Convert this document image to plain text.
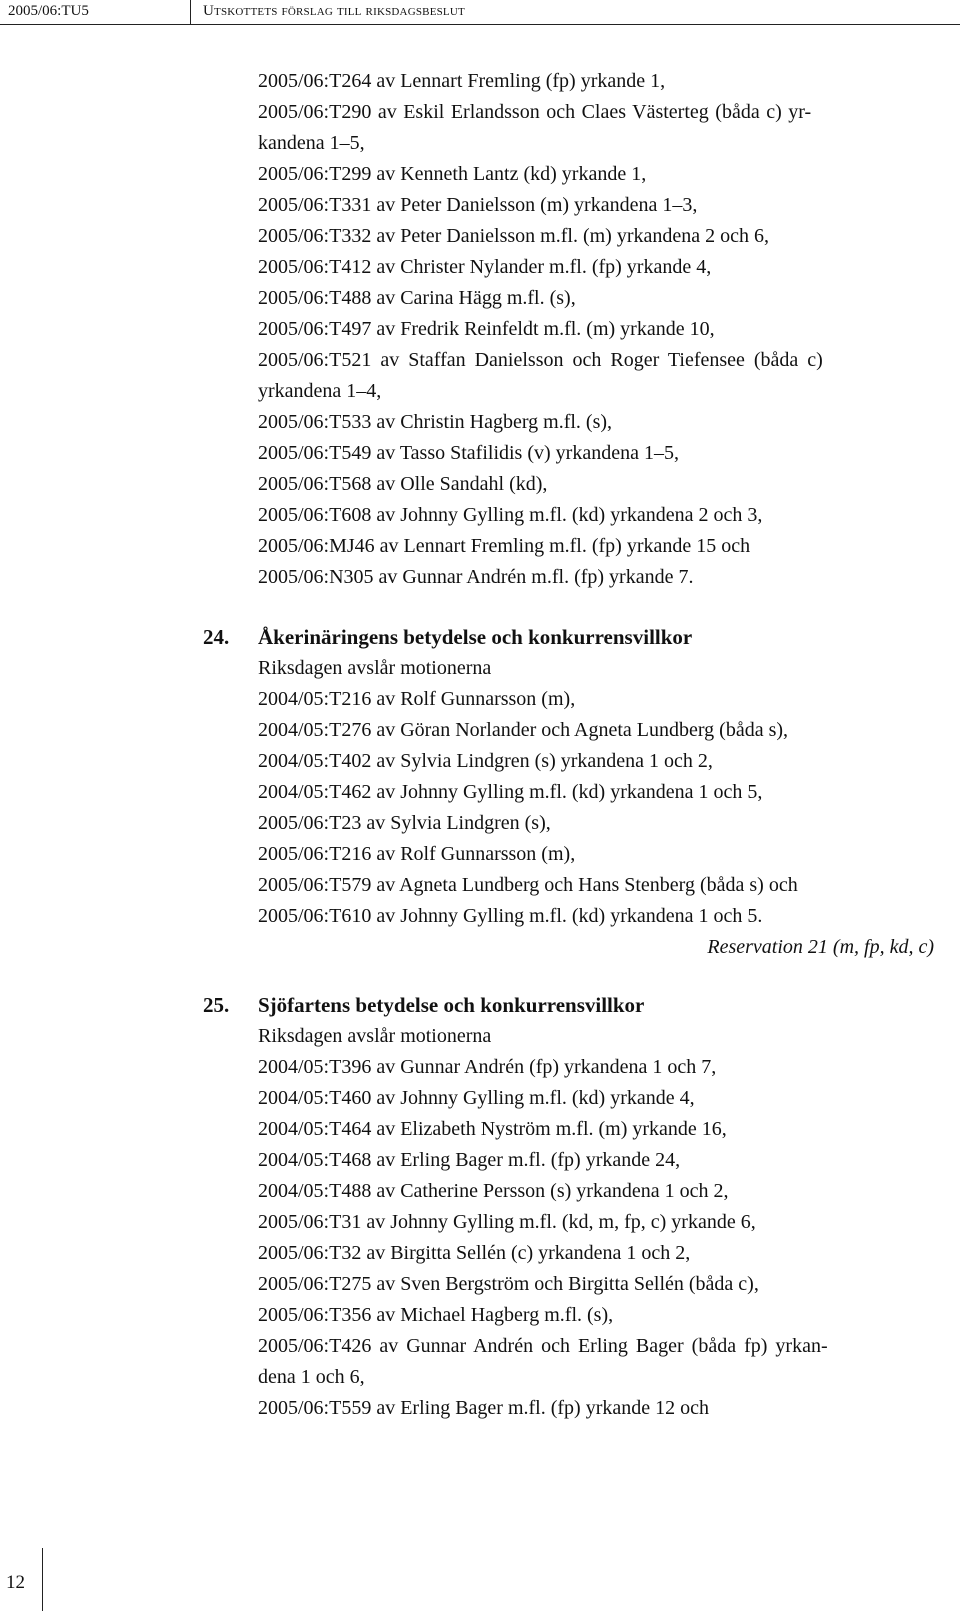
2005/06:TU5	Utskottets förslag till riksdagsbeslut
2005/06:T264 av Lennart Fremling (fp) yrkande 1,
2005/06:T290 av Eskil Erlandsson och Claes Västerteg (båda c) yr-
kandena 1–5,
2005/06:T299 av Kenneth Lantz (kd) yrkande 1,
2005/06:T331 av Peter Danielsson (m) yrkandena 1–3,
2005/06:T332 av Peter Danielsson m.fl. (m) yrkandena 2 och 6,
2005/06:T412 av Christer Nylander m.fl. (fp) yrkande 4,
2005/06:T488 av Carina Hägg m.fl. (s),
2005/06:T497 av Fredrik Reinfeldt m.fl. (m) yrkande 10,
2005/06:T521 av Staffan Danielsson och Roger Tiefensee (båda c)
yrkandena 1–4,
2005/06:T533 av Christin Hagberg m.fl. (s),
2005/06:T549 av Tasso Stafilidis (v) yrkandena 1–5,
2005/06:T568 av Olle Sandahl (kd),
2005/06:T608 av Johnny Gylling m.fl. (kd) yrkandena 2 och 3,
2005/06:MJ46 av Lennart Fremling m.fl. (fp) yrkande 15 och
2005/06:N305 av Gunnar Andrén m.fl. (fp) yrkande 7.
24. Åkerinäringens betydelse och konkurrensvillkor
Riksdagen avslår motionerna
2004/05:T216 av Rolf Gunnarsson (m),
2004/05:T276 av Göran Norlander och Agneta Lundberg (båda s),
2004/05:T402 av Sylvia Lindgren (s) yrkandena 1 och 2,
2004/05:T462 av Johnny Gylling m.fl. (kd) yrkandena 1 och 5,
2005/06:T23 av Sylvia Lindgren (s),
2005/06:T216 av Rolf Gunnarsson (m),
2005/06:T579 av Agneta Lundberg och Hans Stenberg (båda s) och
2005/06:T610 av Johnny Gylling m.fl. (kd) yrkandena 1 och 5.
Reservation 21 (m, fp, kd, c)
25. Sjöfartens betydelse och konkurrensvillkor
Riksdagen avslår motionerna
2004/05:T396 av Gunnar Andrén (fp) yrkandena 1 och 7,
2004/05:T460 av Johnny Gylling m.fl. (kd) yrkande 4,
2004/05:T464 av Elizabeth Nyström m.fl. (m) yrkande 16,
2004/05:T468 av Erling Bager m.fl. (fp) yrkande 24,
2004/05:T488 av Catherine Persson (s) yrkandena 1 och 2,
2005/06:T31 av Johnny Gylling m.fl. (kd, m, fp, c) yrkande 6,
2005/06:T32 av Birgitta Sellén (c) yrkandena 1 och 2,
2005/06:T275 av Sven Bergström och Birgitta Sellén (båda c),
2005/06:T356 av Michael Hagberg m.fl. (s),
2005/06:T426 av Gunnar Andrén och Erling Bager (båda fp) yrkan-
dena 1 och 6,
2005/06:T559 av Erling Bager m.fl. (fp) yrkande 12 och
12
